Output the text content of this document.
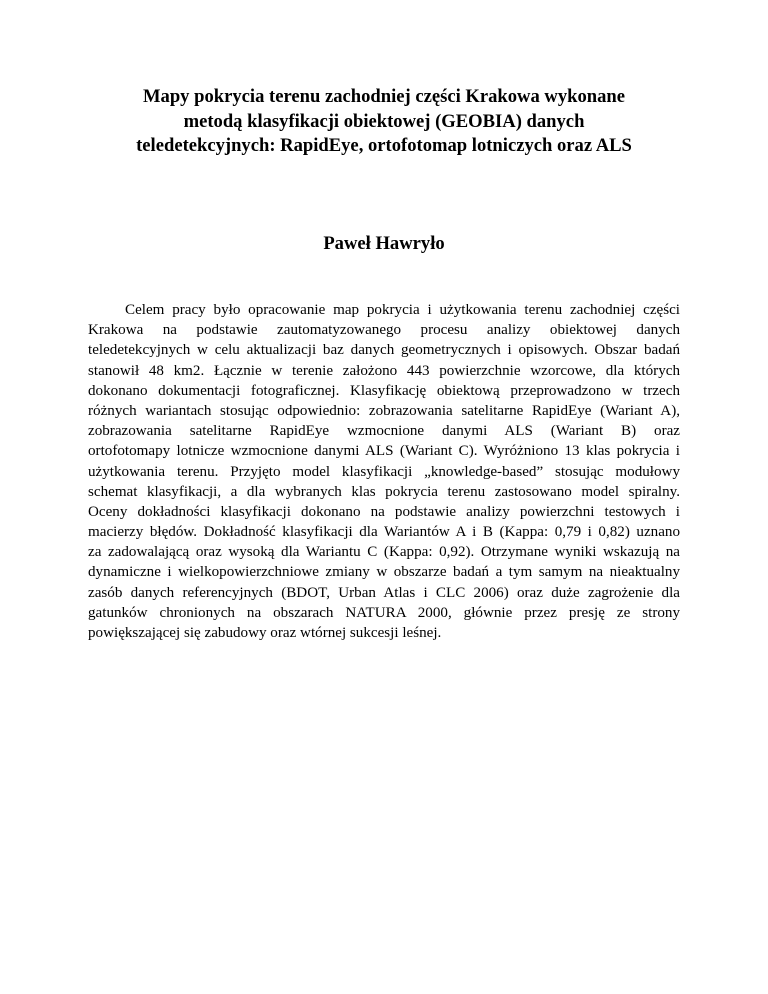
Mapy pokrycia terenu zachodniej części Krakowa wykonane
metodą klasyfikacji obiektowej (GEOBIA) danych
teledetekcyjnych: RapidEye, ortofotomap lotniczych oraz ALS
Paweł Hawryło
Celem pracy było opracowanie map pokrycia i użytkowania terenu zachodniej części
Krakowa na podstawie zautomatyzowanego procesu analizy obiektowej danych
teledetekcyjnych w celu aktualizacji baz danych geometrycznych i opisowych. Obszar badań
stanowił 48 km2. Łącznie w terenie założono 443 powierzchnie wzorcowe, dla których
dokonano dokumentacji fotograficznej. Klasyfikację obiektową przeprowadzono w trzech
różnych wariantach stosując odpowiednio: zobrazowania satelitarne RapidEye (Wariant A),
zobrazowania satelitarne RapidEye wzmocnione danymi ALS (Wariant B) oraz
ortofotomapy lotnicze wzmocnione danymi ALS (Wariant C). Wyróżniono 13 klas pokrycia i
użytkowania terenu. Przyjęto model klasyfikacji „knowledge-based” stosując modułowy
schemat klasyfikacji, a dla wybranych klas pokrycia terenu zastosowano model spiralny.
Oceny dokładności klasyfikacji dokonano na podstawie analizy powierzchni testowych i
macierzy błędów. Dokładność klasyfikacji dla Wariantów A i B (Kappa: 0,79 i 0,82) uznano
za zadowalającą oraz wysoką dla Wariantu C (Kappa: 0,92). Otrzymane wyniki wskazują na
dynamiczne i wielkopowierzchniowe zmiany w obszarze badań a tym samym na nieaktualny
zasób danych referencyjnych (BDOT, Urban Atlas i CLC 2006) oraz duże zagrożenie dla
gatunków chronionych na obszarach NATURA 2000, głównie przez presję ze strony
powiększającej się zabudowy oraz wtórnej sukcesji leśnej.
